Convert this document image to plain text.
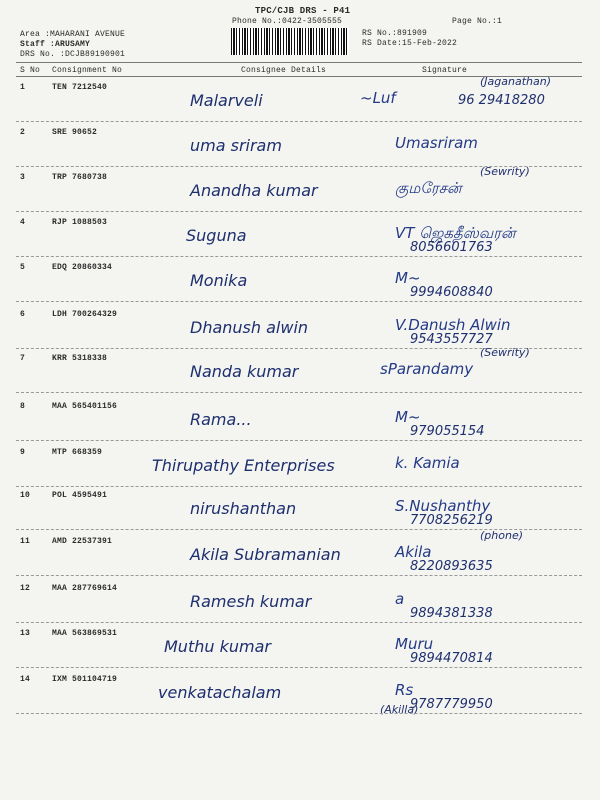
TPC/CJB DRS - P41
Phone No.:0422-3505555	Page No.:1
Area :MAHARANI AVENUE
Staff :ARUSAMY
DRS No. :DCJB89190901
RS No.:891909
RS Date:15-Feb-2022
S No Consignment No	Consignee Details	Signature
1	TEN 7212540
Malarveli	~Luf	96 29418280
(Jaganathan)
2	SRE 90652
uma sriram	Umasriram
3	TRP 7680738
Anandha kumar	குமரேசன்
(Sewrity)
4	RJP 1088503
Suguna	VT ஜெகதீஸ்வரன்
8056601763
5	EDQ 20860334
Monika	M~
9994608840
6	LDH 700264329
Dhanush alwin	V.Danush Alwin
9543557727
7	KRR 5318338
Nanda kumar	sParandamy
(Sewrity)
8	MAA 565401156
Rama...	M~
979055154
9	MTP 668359
Thirupathy Enterprises	k. Kamia
10	POL 4595491
nirushanthan	S.Nushanthy
7708256219
11	AMD 22537391
Akila Subramanian	Akila
8220893635
(phone)
12	MAA 287769614
Ramesh kumar	a
9894381338
13	MAA 563869531
Muthu kumar	Muru
9894470814
14	IXM 501104719
venkatachalam	Rs
9787779950
(Akilla)
